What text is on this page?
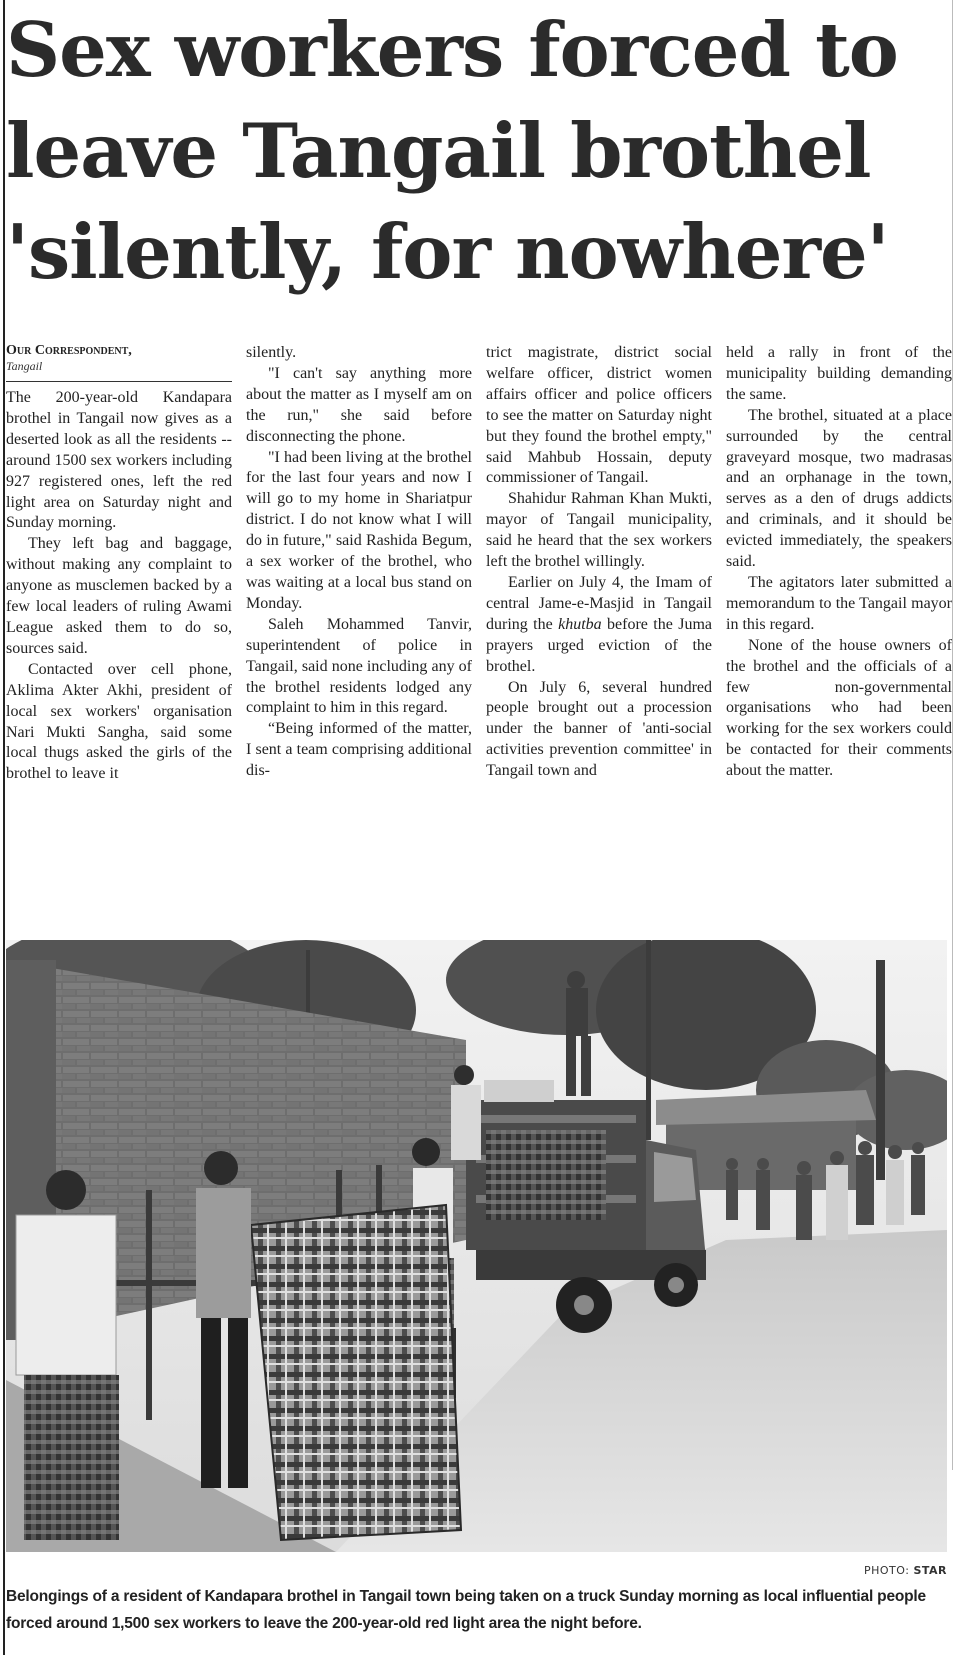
Sex workers forced to
leave Tangail brothel
'silently, for nowhere'
Our Correspondent,
Tangail

The 200-year-old Kandapara brothel in Tangail now gives as a deserted look as all the residents -- around 1500 sex workers including 927 registered ones, left the red light area on Saturday night and Sunday morning.

They left bag and baggage, without making any complaint to anyone as musclemen backed by a few local leaders of ruling Awami League asked them to do so, sources said.

Contacted over cell phone, Aklima Akter Akhi, president of local sex workers' organisation Nari Mukti Sangha, said some local thugs asked the girls of the brothel to leave it

silently.

"I can't say anything more about the matter as I myself am on the run," she said before disconnecting the phone.

"I had been living at the brothel for the last four years and now I will go to my home in Shariatpur district. I do not know what I will do in future," said Rashida Begum, a sex worker of the brothel, who was waiting at a local bus stand on Monday.

Saleh Mohammed Tanvir, superintendent of police in Tangail, said none including any of the brothel residents lodged any complaint to him in this regard.

“Being informed of the matter, I sent a team comprising additional dis-

trict magistrate, district social welfare officer, district women affairs officer and police officers to see the matter on Saturday night but they found the brothel empty," said Mahbub Hossain, deputy commissioner of Tangail.

Shahidur Rahman Khan Mukti, mayor of Tangail municipality, said he heard that the sex workers left the brothel willingly.

Earlier on July 4, the Imam of central Jame-e-Masjid in Tangail during the khutba before the Juma prayers urged eviction of the brothel.

On July 6, several hundred people brought out a procession under the banner of 'anti-social activities prevention committee' in Tangail town and

held a rally in front of the municipality building demanding the same.

The brothel, situated at a place surrounded by the central graveyard mosque, two madrasas and an orphanage in the town, serves as a den of drugs addicts and criminals, and it should be evicted immediately, the speakers said.

The agitators later submitted a memorandum to the Tangail mayor in this regard.

None of the house owners of the brothel and the officials of a few non-governmental organisations who had been working for the sex workers could be contacted for their comments about the matter.

PHOTO: STAR
Belongings of a resident of Kandapara brothel in Tangail town being taken on a truck Sunday morning as local influential people forced around 1,500 sex workers to leave the 200-year-old red light area the night before.
